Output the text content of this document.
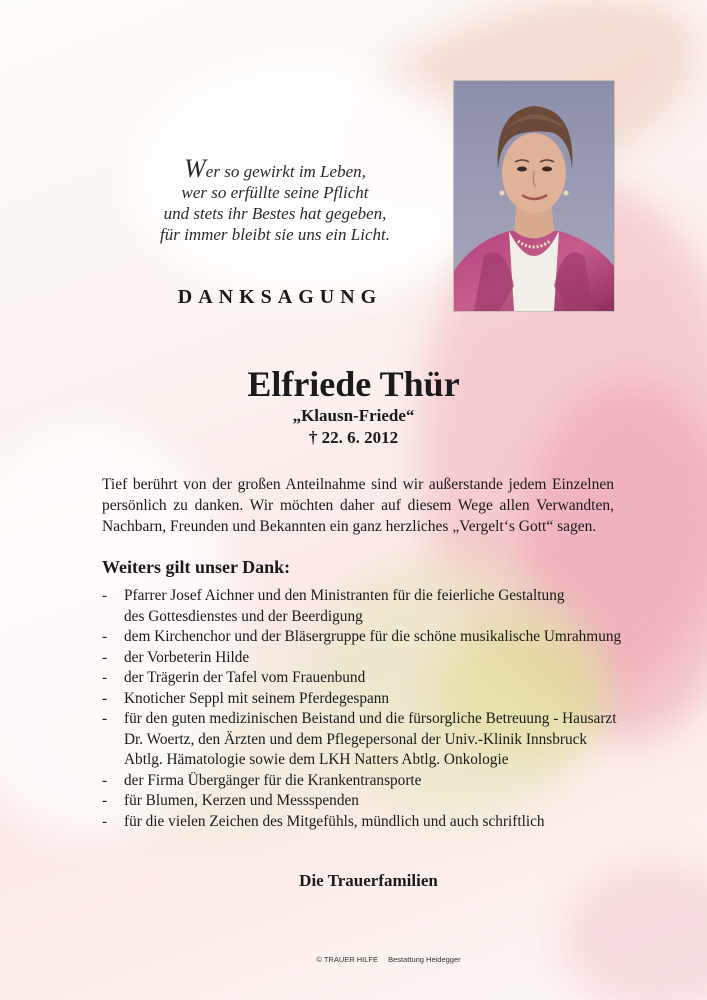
Wer so gewirkt im Leben,
wer so erfüllte seine Pflicht
und stets ihr Bestes hat gegeben,
für immer bleibt sie uns ein Licht.
DANKSAGUNG
Elfriede Thür
„Klausn-Friede“
† 22. 6. 2012
Tief berührt von der großen Anteilnahme sind wir außerstande jedem Einzelnen
persönlich zu danken. Wir möchten daher auf diesem Wege allen Verwandten,
Nachbarn, Freunden und Bekannten ein ganz herzliches „Vergelt‘s Gott“ sagen.
Weiters gilt unser Dank:
-	Pfarrer Josef Aichner und den Ministranten für die feierliche Gestaltung
des Gottesdienstes und der Beerdigung
-	dem Kirchenchor und der Bläsergruppe für die schöne musikalische Umrahmung
-	der Vorbeterin Hilde
-	der Trägerin der Tafel vom Frauenbund
-	Knoticher Seppl mit seinem Pferdegespann
-	für den guten medizinischen Beistand und die fürsorgliche Betreuung - Hausarzt
Dr. Woertz, den Ärzten und dem Pflegepersonal der Univ.-Klinik Innsbruck
Abtlg. Hämatologie sowie dem LKH Natters Abtlg. Onkologie
-	der Firma Übergänger für die Krankentransporte
-	für Blumen, Kerzen und Messspenden
-	für die vielen Zeichen des Mitgefühls, mündlich und auch schriftlich
Die Trauerfamilien
© TRAUER HILFE Bestattung Heidegger
